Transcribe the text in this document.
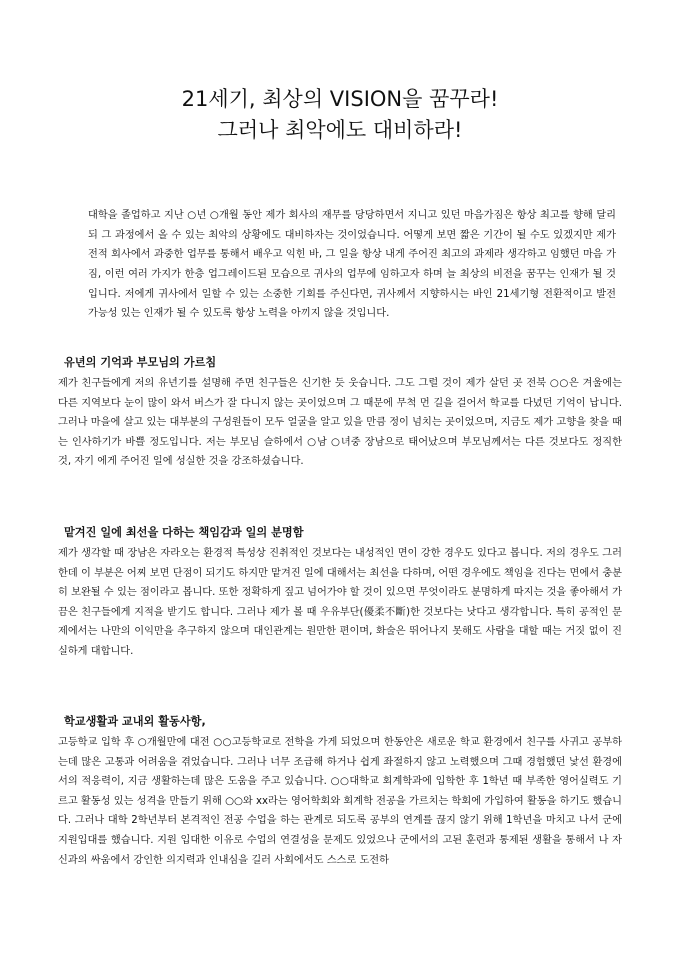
21세기, 최상의 VISION을 꿈꾸라!
그러나 최악에도 대비하라!

대학을 졸업하고 지난 ○년 ○개월 동안 제가 회사의 재무를 당당하면서 지니고 있던 마음가짐은 항상 최고를 향해 달리되 그 과정에서 올 수 있는 최악의 상황에도 대비하자는 것이었습니다. 어떻게 보면 짧은 기간이 될 수도 있겠지만 제가 전적 회사에서 과중한 업무를 통해서 배우고 익힌 바, 그 일을 항상 내게 주어진 최고의 과제라 생각하고 임했던 마음 가짐, 이런 여러 가지가 한층 업그레이드된 모습으로 귀사의 업무에 임하고자 하며 늘 최상의 비전을 꿈꾸는 인재가 될 것입니다. 저에게 귀사에서 일할 수 있는 소중한 기회를 주신다면, 귀사께서 지향하시는 바인 21세기형 전환적이고 발전 가능성 있는 인재가 될 수 있도록 항상 노력을 아끼지 않을 것입니다.

유년의 기억과 부모님의 가르침

제가 친구들에게 저의 유년기를 설명해 주면 친구들은 신기한 듯 웃습니다. 그도 그럴 것이 제가 살던 곳 전북 ○○은 겨울에는 다른 지역보다 눈이 많이 와서 버스가 잘 다니지 않는 곳이었으며 그 때문에 무척 먼 길을 걸어서 학교를 다녔던 기억이 납니다. 그러나 마을에 살고 있는 대부분의 구성원들이 모두 얼굴을 알고 있을 만큼 정이 넘치는 곳이었으며, 지금도 제가 고향을 찾을 때는 인사하기가 바쁠 정도입니다. 저는 부모님 슬하에서 ○남 ○녀중 장남으로 태어났으며 부모님께서는 다른 것보다도 정직한 것, 자기 에게 주어진 일에 성실한 것을 강조하셨습니다.

맡겨진 일에 최선을 다하는 책임감과 일의 분명함

제가 생각할 때 장남은 자라오는 환경적 특성상 진취적인 것보다는 내성적인 면이 강한 경우도 있다고 봅니다. 저의 경우도 그러한데 이 부분은 어찌 보면 단점이 되기도 하지만 맡겨진 일에 대해서는 최선을 다하며, 어떤 경우에도 책임을 진다는 면에서 충분히 보완될 수 있는 점이라고 봅니다. 또한 정확하게 짚고 넘어가야 할 것이 있으면 무엇이라도 분명하게 따지는 것을 좋아해서 가끔은 친구들에게 지적을 받기도 합니다. 그러나 제가 볼 때 우유부단(優柔不斷)한 것보다는 낫다고 생각합니다. 특히 공적인 문제에서는 나만의 이익만을 추구하지 않으며 대인관계는 원만한 편이며, 화술은 뛰어나지 못해도 사람을 대할 때는 거짓 없이 진실하게 대합니다.

학교생활과 교내외 활동사항,

고등학교 입학 후 ○개월만에 대전 ○○고등학교로 전학을 가게 되었으며 한동안은 새로운 학교 환경에서 친구를 사귀고 공부하는데 많은 고통과 어려움을 겪었습니다. 그러나 너무 조급해 하거나 쉽게 좌절하지 않고 노력했으며 그때 경험했던 낯선 환경에서의 적응력이, 지금 생활하는데 많은 도움을 주고 있습니다. ○○대학교 회계학과에 입학한 후 1학년 때 부족한 영어실력도 기르고 활동성 있는 성격을 만들기 위해 ○○와 xx라는 영어학회와 회계학 전공을 가르치는 학회에 가입하여 활동을 하기도 했습니다. 그러나 대학 2학년부터 본격적인 전공 수업을 하는 관계로 되도록 공부의 연계를 끊지 않기 위해 1학년을 마치고 나서 군에 지원입대를 했습니다. 지원 입대한 이유로 수업의 연결성을 문제도 있었으나 군에서의 고된 훈련과 통제된 생활을 통해서 나 자신과의 싸움에서 강인한 의지력과 인내심을 길러 사회에서도 스스로 도전하
